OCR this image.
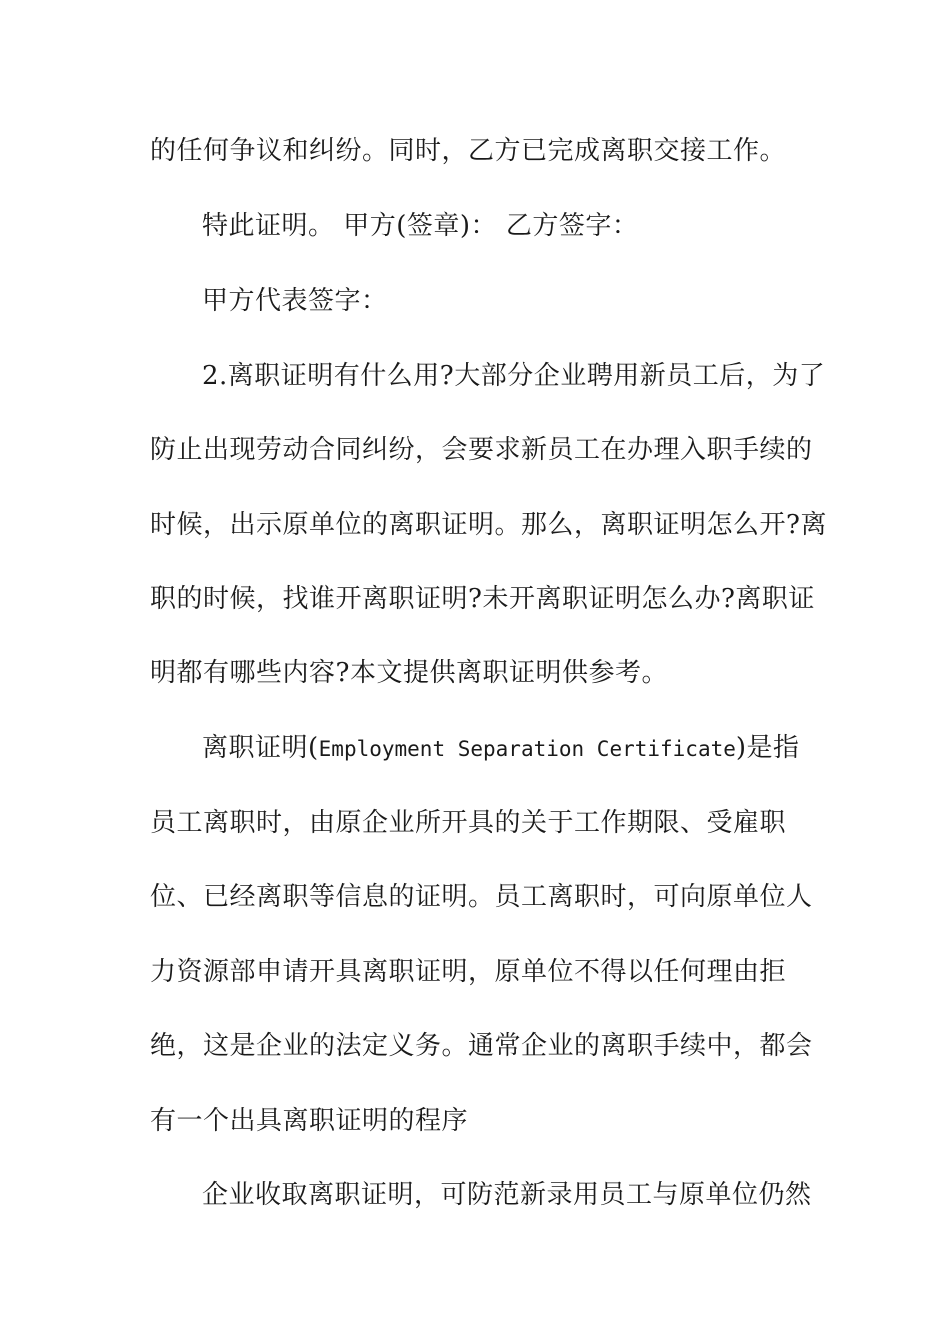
的任何争议和纠纷。同时，乙方已完成离职交接工作。
特此证明。 甲方(签章)： 乙方签字：
甲方代表签字：
2.离职证明有什么用?大部分企业聘用新员工后，为了
防止出现劳动合同纠纷，会要求新员工在办理入职手续的
时候，出示原单位的离职证明。那么，离职证明怎么开?离
职的时候，找谁开离职证明?未开离职证明怎么办?离职证
明都有哪些内容?本文提供离职证明供参考。
离职证明(Employment Separation Certificate)是指
员工离职时，由原企业所开具的关于工作期限、受雇职
位、已经离职等信息的证明。员工离职时，可向原单位人
力资源部申请开具离职证明，原单位不得以任何理由拒
绝，这是企业的法定义务。通常企业的离职手续中，都会
有一个出具离职证明的程序
企业收取离职证明，可防范新录用员工与原单位仍然
